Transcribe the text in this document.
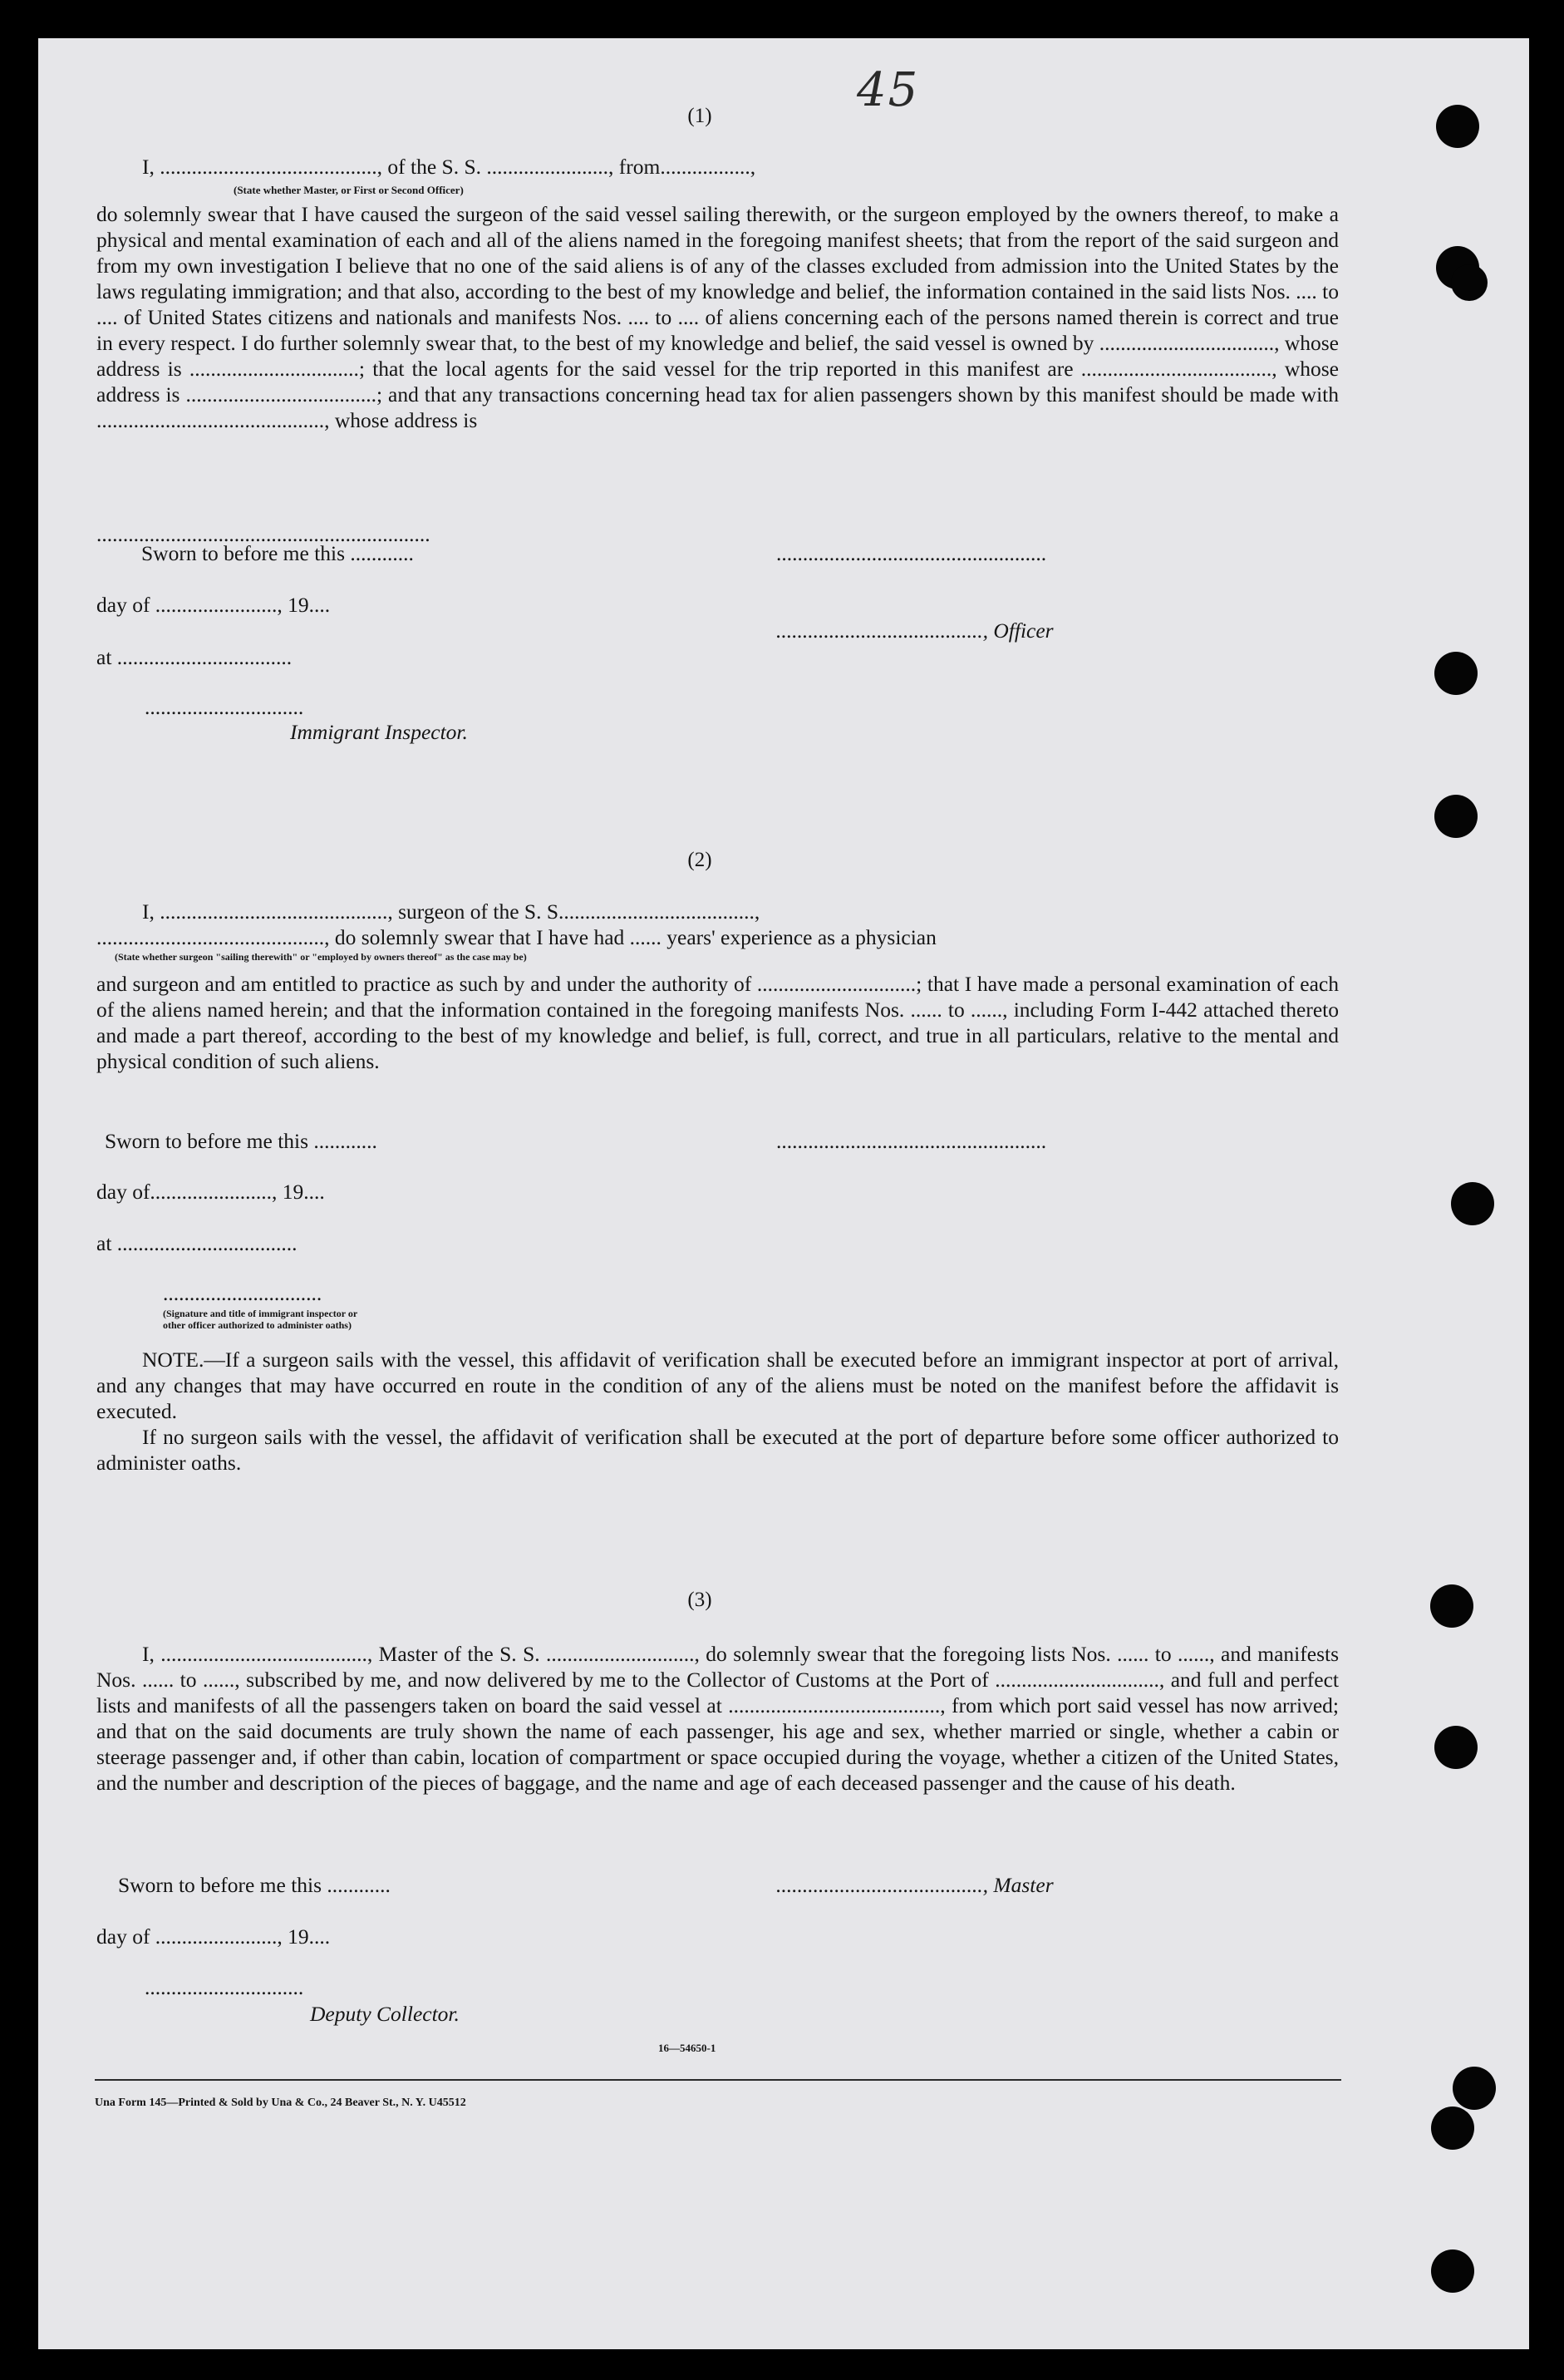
45
(1)
I, ........................................., of the S. S. ......................., from.................,
(State whether Master, or First or Second Officer)

do solemnly swear that I have caused the surgeon of the said vessel sailing therewith, or the surgeon employed by the owners thereof, to make a physical and mental examination of each and all of the aliens named in the foregoing manifest sheets; that from the report of the said surgeon and from my own investigation I believe that no one of the said aliens is of any of the classes excluded from admission into the United States by the laws regulating immigration; and that also, according to the best of my knowledge and belief, the information contained in the said lists Nos. .... to .... of United States citizens and nationals and manifests Nos. .... to .... of aliens concerning each of the persons named therein is correct and true in every respect. I do further solemnly swear that, to the best of my knowledge and belief, the said vessel is owned by ................................., whose address is ................................; that the local agents for the said vessel for the trip reported in this manifest are ...................................., whose address is ....................................; and that any transactions concerning head tax for alien passengers shown by this manifest should be made with ..........................................., whose address is

...............................................................
Sworn to before me this ............	...................................................
day of ......................., 19....
......................................., Officer
at .................................
..............................
Immigrant Inspector.
(2)
I, ..........................................., surgeon of the S. S.....................................,
..........................................., do solemnly swear that I have had ...... years' experience as a physician
(State whether surgeon "sailing therewith" or "employed by owners thereof" as the case may be)

and surgeon and am entitled to practice as such by and under the authority of ..............................; that I have made a personal examination of each of the aliens named herein; and that the information contained in the foregoing manifests Nos. ...... to ......, including Form I-442 attached thereto and made a part thereof, according to the best of my knowledge and belief, is full, correct, and true in all particulars, relative to the mental and physical condition of such aliens.

Sworn to before me this ............	...................................................
day of......................., 19....
at ..................................
..............................
(Signature and title of immigrant inspector or
other officer authorized to administer oaths)

NOTE.—If a surgeon sails with the vessel, this affidavit of verification shall be executed before an immigrant inspector at port of arrival, and any changes that may have occurred en route in the condition of any of the aliens must be noted on the manifest before the affidavit is executed.

If no surgeon sails with the vessel, the affidavit of verification shall be executed at the port of departure before some officer authorized to administer oaths.

(3)

I, ......................................., Master of the S. S. ............................, do solemnly swear that the foregoing lists Nos. ...... to ......, and manifests Nos. ...... to ......, subscribed by me, and now delivered by me to the Collector of Customs at the Port of ..............................., and full and perfect lists and manifests of all the passengers taken on board the said vessel at ........................................, from which port said vessel has now arrived; and that on the said documents are truly shown the name of each passenger, his age and sex, whether married or single, whether a cabin or steerage passenger and, if other than cabin, location of compartment or space occupied during the voyage, whether a citizen of the United States, and the number and description of the pieces of baggage, and the name and age of each deceased passenger and the cause of his death.

Sworn to before me this ............	......................................., Master
day of ......................., 19....
..............................
Deputy Collector.
16—54650-1
Una Form 145—Printed & Sold by Una & Co., 24 Beaver St., N. Y. U45512
